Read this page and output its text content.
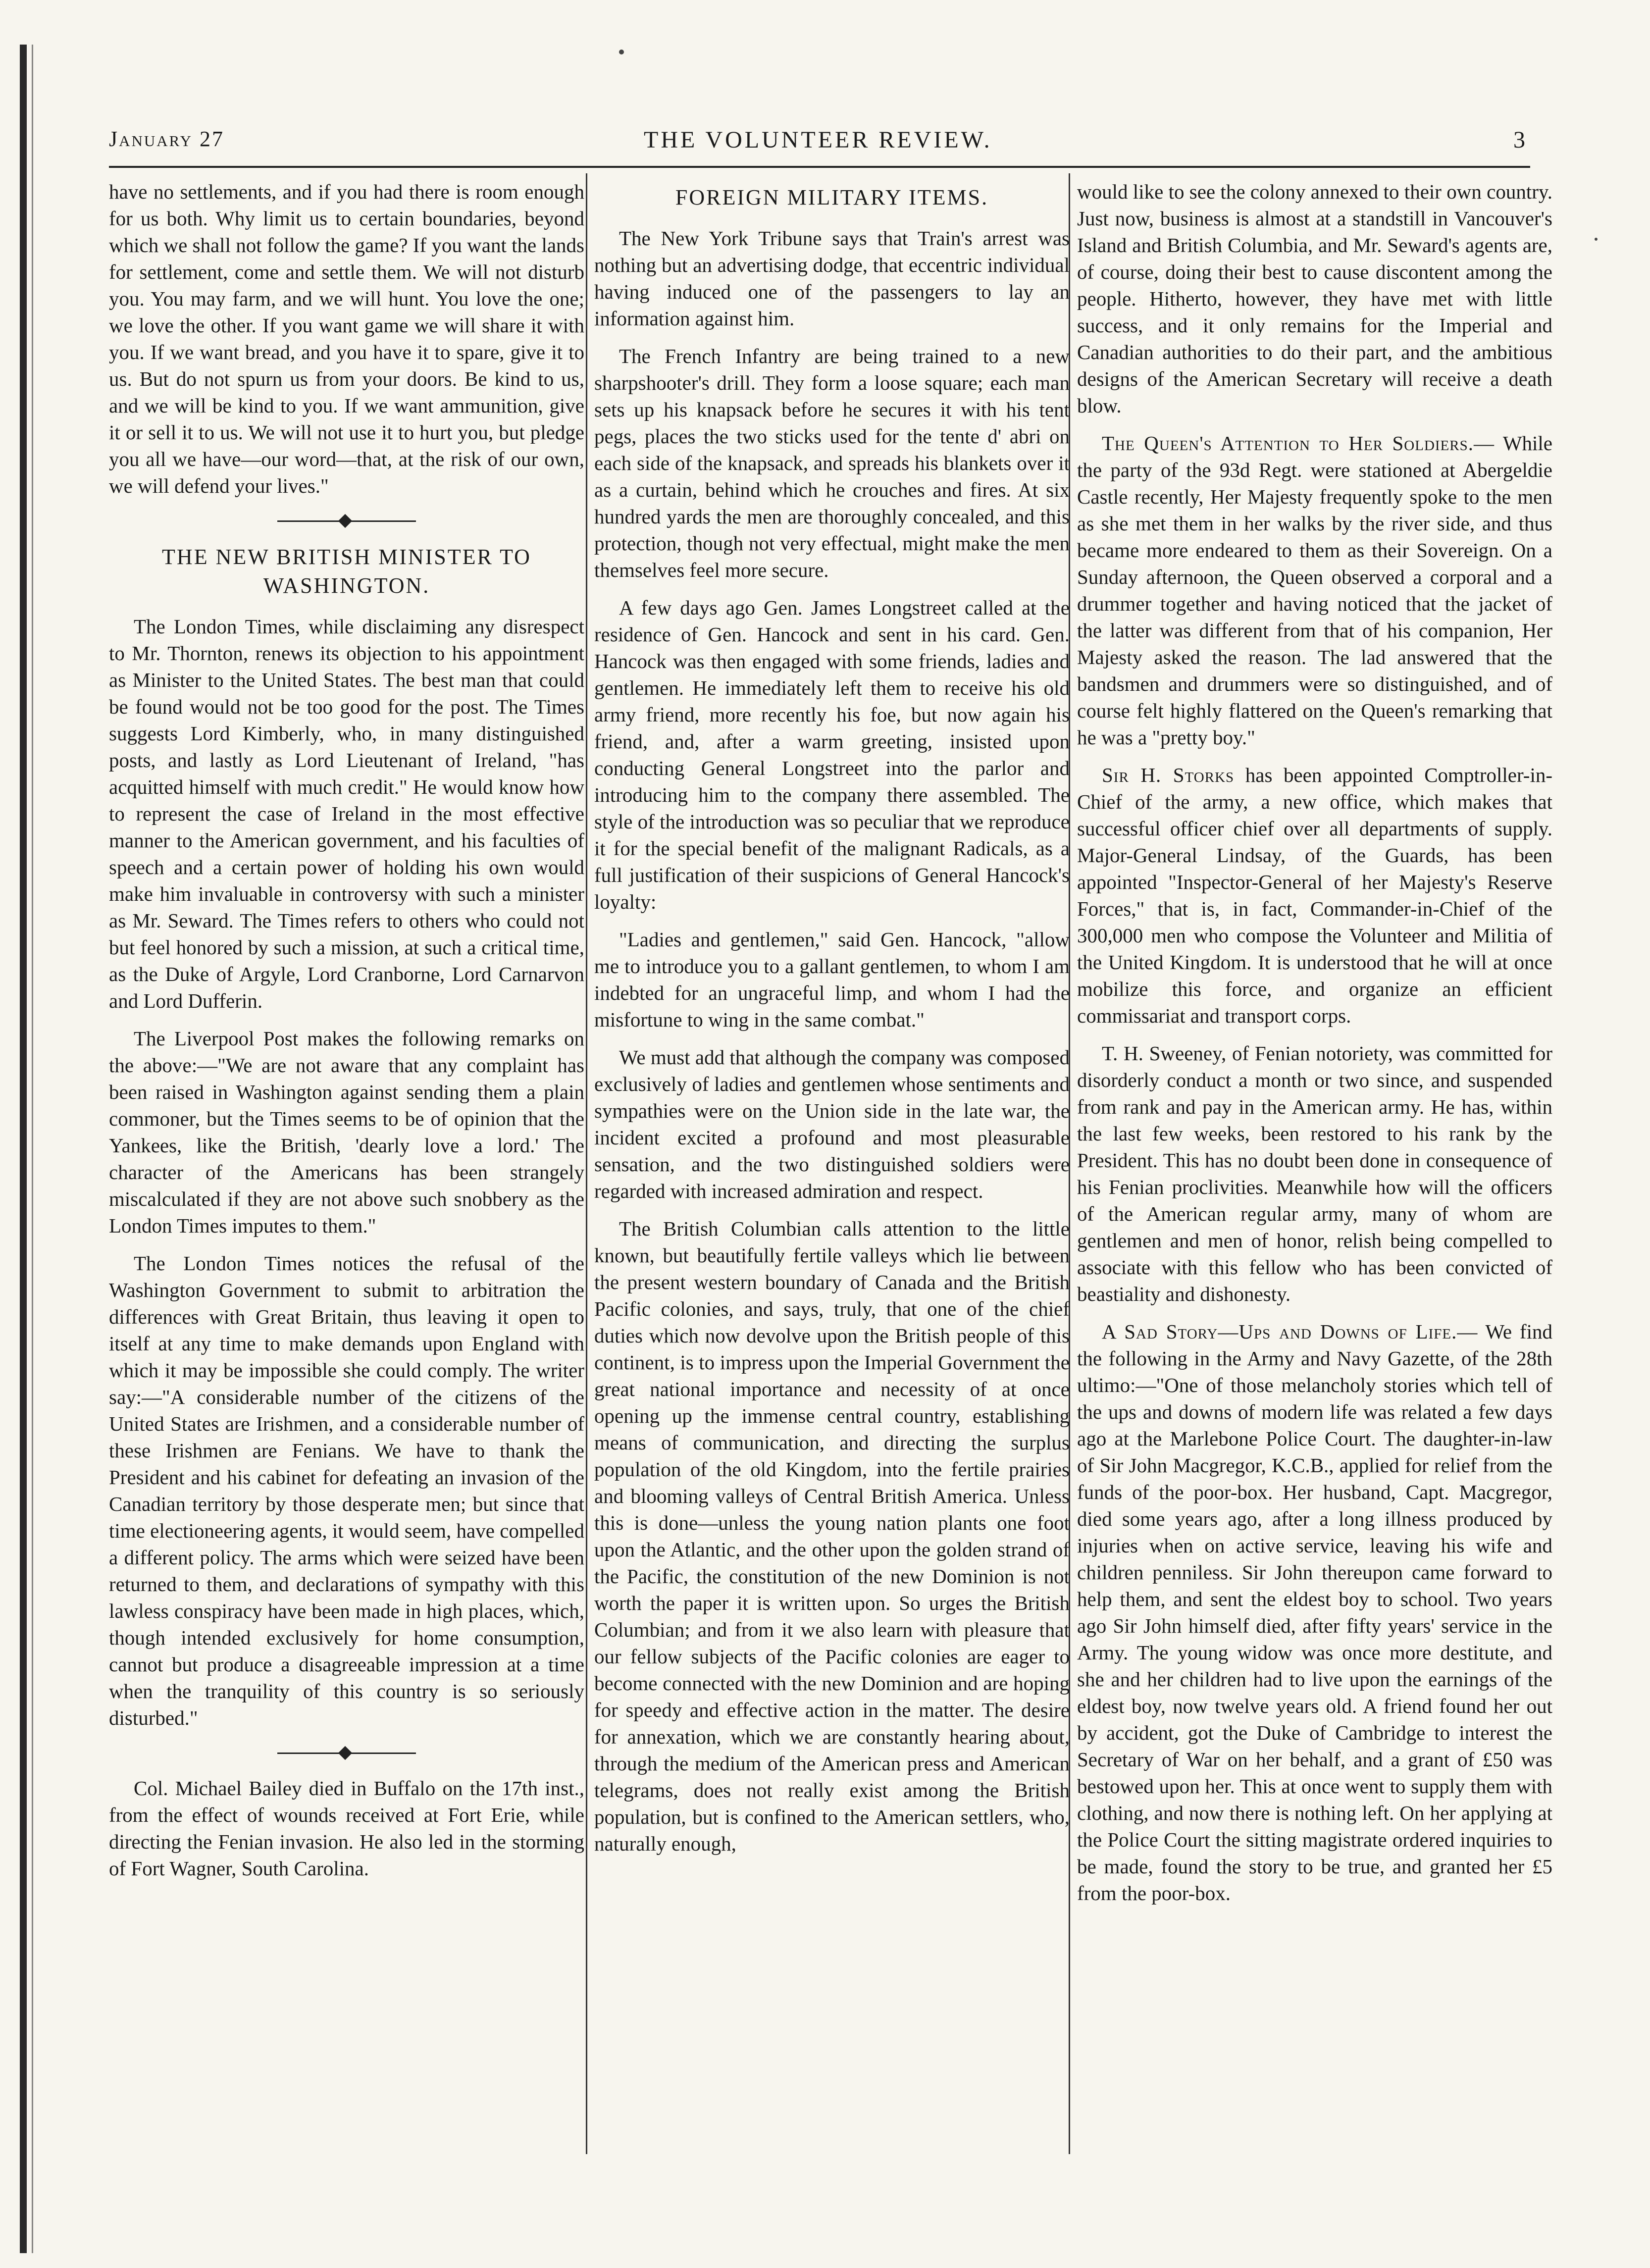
January 27	THE VOLUNTEER REVIEW.	3

have no settlements, and if you had there is room enough for us both. Why limit us to certain boundaries, beyond which we shall not follow the game? If you want the lands for settlement, come and settle them. We will not disturb you. You may farm, and we will hunt. You love the one; we love the other. If you want game we will share it with you. If we want bread, and you have it to spare, give it to us. But do not spurn us from your doors. Be kind to us, and we will be kind to you. If we want ammunition, give it or sell it to us. We will not use it to hurt you, but pledge you all we have—our word—that, at the risk of our own, we will defend your lives."

THE NEW BRITISH MINISTER TO WASHINGTON.

The London Times, while disclaiming any disrespect to Mr. Thornton, renews its objection to his appointment as Minister to the United States. The best man that could be found would not be too good for the post. The Times suggests Lord Kimberly, who, in many distinguished posts, and lastly as Lord Lieutenant of Ireland, "has acquitted himself with much credit." He would know how to represent the case of Ireland in the most effective manner to the American government, and his faculties of speech and a certain power of holding his own would make him invaluable in controversy with such a minister as Mr. Seward. The Times refers to others who could not but feel honored by such a mission, at such a critical time, as the Duke of Argyle, Lord Cranborne, Lord Carnarvon and Lord Dufferin.

The Liverpool Post makes the following remarks on the above:—"We are not aware that any complaint has been raised in Washington against sending them a plain commoner, but the Times seems to be of opinion that the Yankees, like the British, 'dearly love a lord.' The character of the Americans has been strangely miscalculated if they are not above such snobbery as the London Times imputes to them."

The London Times notices the refusal of the Washington Government to submit to arbitration the differences with Great Britain, thus leaving it open to itself at any time to make demands upon England with which it may be impossible she could comply. The writer say:—"A considerable number of the citizens of the United States are Irishmen, and a considerable number of these Irishmen are Fenians. We have to thank the President and his cabinet for defeating an invasion of the Canadian territory by those desperate men; but since that time electioneering agents, it would seem, have compelled a different policy. The arms which were seized have been returned to them, and declarations of sympathy with this lawless conspiracy have been made in high places, which, though intended exclusively for home consumption, cannot but produce a disagreeable impression at a time when the tranquility of this country is so seriously disturbed."

Col. Michael Bailey died in Buffalo on the 17th inst., from the effect of wounds received at Fort Erie, while directing the Fenian invasion. He also led in the storming of Fort Wagner, South Carolina.

FOREIGN MILITARY ITEMS.

The New York Tribune says that Train's arrest was nothing but an advertising dodge, that eccentric individual having induced one of the passengers to lay an information against him.

The French Infantry are being trained to a new sharpshooter's drill. They form a loose square; each man sets up his knapsack before he secures it with his tent pegs, places the two sticks used for the tente d' abri on each side of the knapsack, and spreads his blankets over it as a curtain, behind which he crouches and fires. At six hundred yards the men are thoroughly concealed, and this protection, though not very effectual, might make the men themselves feel more secure.

A few days ago Gen. James Longstreet called at the residence of Gen. Hancock and sent in his card. Gen. Hancock was then engaged with some friends, ladies and gentlemen. He immediately left them to receive his old army friend, more recently his foe, but now again his friend, and, after a warm greeting, insisted upon conducting General Longstreet into the parlor and introducing him to the company there assembled. The style of the introduction was so peculiar that we reproduce it for the special benefit of the malignant Radicals, as a full justification of their suspicions of General Hancock's loyalty:

"Ladies and gentlemen," said Gen. Hancock, "allow me to introduce you to a gallant gentlemen, to whom I am indebted for an ungraceful limp, and whom I had the misfortune to wing in the same combat."

We must add that although the company was composed exclusively of ladies and gentlemen whose sentiments and sympathies were on the Union side in the late war, the incident excited a profound and most pleasurable sensation, and the two distinguished soldiers were regarded with increased admiration and respect.

The British Columbian calls attention to the little known, but beautifully fertile valleys which lie between the present western boundary of Canada and the British Pacific colonies, and says, truly, that one of the chief duties which now devolve upon the British people of this continent, is to impress upon the Imperial Government the great national importance and necessity of at once opening up the immense central country, establishing means of communication, and directing the surplus population of the old Kingdom, into the fertile prairies and blooming valleys of Central British America. Unless this is done—unless the young nation plants one foot upon the Atlantic, and the other upon the golden strand of the Pacific, the constitution of the new Dominion is not worth the paper it is written upon. So urges the British Columbian; and from it we also learn with pleasure that our fellow subjects of the Pacific colonies are eager to become connected with the new Dominion and are hoping for speedy and effective action in the matter. The desire for annexation, which we are constantly hearing about, through the medium of the American press and American telegrams, does not really exist among the British population, but is confined to the American settlers, who, naturally enough,

would like to see the colony annexed to their own country. Just now, business is almost at a standstill in Vancouver's Island and British Columbia, and Mr. Seward's agents are, of course, doing their best to cause discontent among the people. Hitherto, however, they have met with little success, and it only remains for the Imperial and Canadian authorities to do their part, and the ambitious designs of the American Secretary will receive a death blow.

The Queen's Attention to Her Soldiers.— While the party of the 93d Regt. were stationed at Abergeldie Castle recently, Her Majesty frequently spoke to the men as she met them in her walks by the river side, and thus became more endeared to them as their Sovereign. On a Sunday afternoon, the Queen observed a corporal and a drummer together and having noticed that the jacket of the latter was different from that of his companion, Her Majesty asked the reason. The lad answered that the bandsmen and drummers were so distinguished, and of course felt highly flattered on the Queen's remarking that he was a "pretty boy."

Sir H. Storks has been appointed Comptroller-in-Chief of the army, a new office, which makes that successful officer chief over all departments of supply. Major-General Lindsay, of the Guards, has been appointed "Inspector-General of her Majesty's Reserve Forces," that is, in fact, Commander-in-Chief of the 300,000 men who compose the Volunteer and Militia of the United Kingdom. It is understood that he will at once mobilize this force, and organize an efficient commissariat and transport corps.

T. H. Sweeney, of Fenian notoriety, was committed for disorderly conduct a month or two since, and suspended from rank and pay in the American army. He has, within the last few weeks, been restored to his rank by the President. This has no doubt been done in consequence of his Fenian proclivities. Meanwhile how will the officers of the American regular army, many of whom are gentlemen and men of honor, relish being compelled to associate with this fellow who has been convicted of beastiality and dishonesty.

A Sad Story—Ups and Downs of Life.— We find the following in the Army and Navy Gazette, of the 28th ultimo:—"One of those melancholy stories which tell of the ups and downs of modern life was related a few days ago at the Marlebone Police Court. The daughter-in-law of Sir John Macgregor, K.C.B., applied for relief from the funds of the poor-box. Her husband, Capt. Macgregor, died some years ago, after a long illness produced by injuries when on active service, leaving his wife and children penniless. Sir John thereupon came forward to help them, and sent the eldest boy to school. Two years ago Sir John himself died, after fifty years' service in the Army. The young widow was once more destitute, and she and her children had to live upon the earnings of the eldest boy, now twelve years old. A friend found her out by accident, got the Duke of Cambridge to interest the Secretary of War on her behalf, and a grant of £50 was bestowed upon her. This at once went to supply them with clothing, and now there is nothing left. On her applying at the Police Court the sitting magistrate ordered inquiries to be made, found the story to be true, and granted her £5 from the poor-box.
